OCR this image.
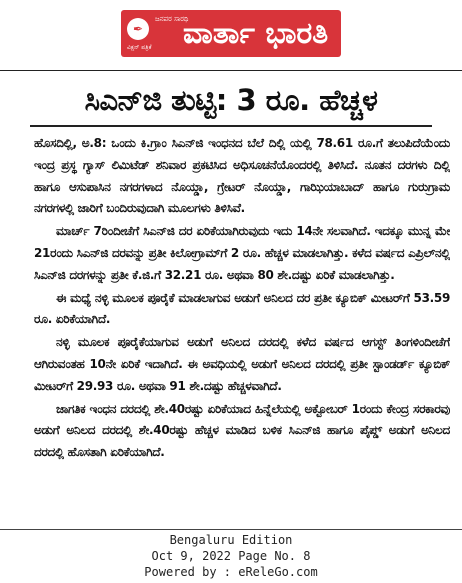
✒
ಜನಪರ ಸಾರಥಿ
ವಿಕ್ಷನ್ ಪತ್ರಿಕೆ ವಾರ್ತಾ ಭಾರತಿ
ಸಿಎನ್‌ಜಿ ತುಟ್ಟಿ: 3 ರೂ. ಹೆಚ್ಚಳ

ಹೊಸದಿಲ್ಲಿ, ಅ.8: ಒಂದು ಕಿ.ಗ್ರಾಂ ಸಿಎನ್‌ಜಿ ಇಂಧನದ ಬೆಲೆ ದಿಲ್ಲಿ ಯಲ್ಲಿ 78.61 ರೂ.ಗೆ ತಲುಪಿದೆಯೆಂದು ಇಂದ್ರ ಪ್ರಸ್ಥ ಗ್ಯಾಸ್ ಲಿಮಿಟೆಡ್ ಶನಿವಾರ ಪ್ರಕಟಿಸಿದ ಅಧಿಸೂಚನೆಯೊಂದರಲ್ಲಿ ತಿಳಿಸಿದೆ. ನೂತನ ದರಗಳು ದಿಲ್ಲಿ ಹಾಗೂ ಆಸುಪಾಸಿನ ನಗರಗಳಾದ ನೊಯ್ಡಾ, ಗ್ರೇಟರ್ ನೊಯ್ಡಾ, ಗಾಝಿಯಾಬಾದ್ ಹಾಗೂ ಗುರುಗ್ರಾಮ ನಗರಗಳಲ್ಲಿ ಜಾರಿಗೆ ಬಂದಿರುವುದಾಗಿ ಮೂಲಗಳು ತಿಳಿಸಿವೆ.

ಮಾರ್ಚ್ 7ರಿಂದೀಚೆಗೆ ಸಿಎನ್‌ಜಿ ದರ ಏರಿಕೆಯಾಗಿರುವುದು ಇದು 14ನೇ ಸಲವಾಗಿದೆ. ಇದಕ್ಕೂ ಮುನ್ನ ಮೇ 21ರಂದು ಸಿಎನ್‌ಜಿ ದರವನ್ನು ಪ್ರತೀ ಕಿಲೋಗ್ರಾಮ್‌ಗೆ 2 ರೂ. ಹೆಚ್ಚಳ ಮಾಡಲಾಗಿತ್ತು. ಕಳೆದ ವರ್ಷದ ಎಪ್ರಿಲ್‌ನಲ್ಲಿ ಸಿಎನ್‌ಜಿ ದರಗಳನ್ನು ಪ್ರತೀ ಕೆ.ಜಿ.ಗೆ 32.21 ರೂ. ಅಥವಾ 80 ಶೇ.ದಷ್ಟು ಏರಿಕೆ ಮಾಡಲಾಗಿತ್ತು.

ಈ ಮಧ್ಯೆ ನಳ್ಳಿ ಮೂಲಕ ಪೂರೈಕೆ ಮಾಡಲಾಗುವ ಅಡುಗೆ ಅನಿಲದ ದರ ಪ್ರತೀ ಕ್ಯೂಬಿಕ್ ಮೀಟರ್‌ಗೆ 53.59 ರೂ. ಏರಿಕೆಯಾಗಿದೆ.

ನಳ್ಳಿ ಮೂಲಕ ಪೂರೈಕೆಯಾಗುವ ಅಡುಗೆ ಅನಿಲದ ದರದಲ್ಲಿ ಕಳೆದ ವರ್ಷದ ಆಗಸ್ಟ್ ತಿಂಗಳಿಂದೀಚೆಗೆ ಆಗಿರುವಂತಹ 10ನೇ ಏರಿಕೆ ಇದಾಗಿದೆ. ಈ ಅವಧಿಯಲ್ಲಿ ಅಡುಗೆ ಅನಿಲದ ದರದಲ್ಲಿ ಪ್ರತೀ ಸ್ಟಾಂಡರ್ಡ್ ಕ್ಯೂಬಿಕ್ ಮೀಟರ್‌ಗೆ 29.93 ರೂ. ಅಥವಾ 91 ಶೇ.ದಷ್ಟು ಹೆಚ್ಚಳವಾಗಿದೆ.

ಜಾಗತಿಕ ಇಂಧನ ದರದಲ್ಲಿ ಶೇ.40ರಷ್ಟು ಏರಿಕೆಯಾದ ಹಿನ್ನೆಲೆಯಲ್ಲಿ ಅಕ್ಟೋಬರ್ 1ರಂದು ಕೇಂದ್ರ ಸರಕಾರವು ಅಡುಗೆ ಅನಿಲದ ದರದಲ್ಲಿ ಶೇ.40ರಷ್ಟು ಹೆಚ್ಚಳ ಮಾಡಿದ ಬಳಿಕ ಸಿಎನ್‌ಜಿ ಹಾಗೂ ಪೈಪ್ಡ್ ಅಡುಗೆ ಅನಿಲದ ದರದಲ್ಲಿ ಹೊಸತಾಗಿ ಏರಿಕೆಯಾಗಿದೆ.

Bengaluru Edition
Oct 9, 2022 Page No. 8
Powered by : eReleGo.com
